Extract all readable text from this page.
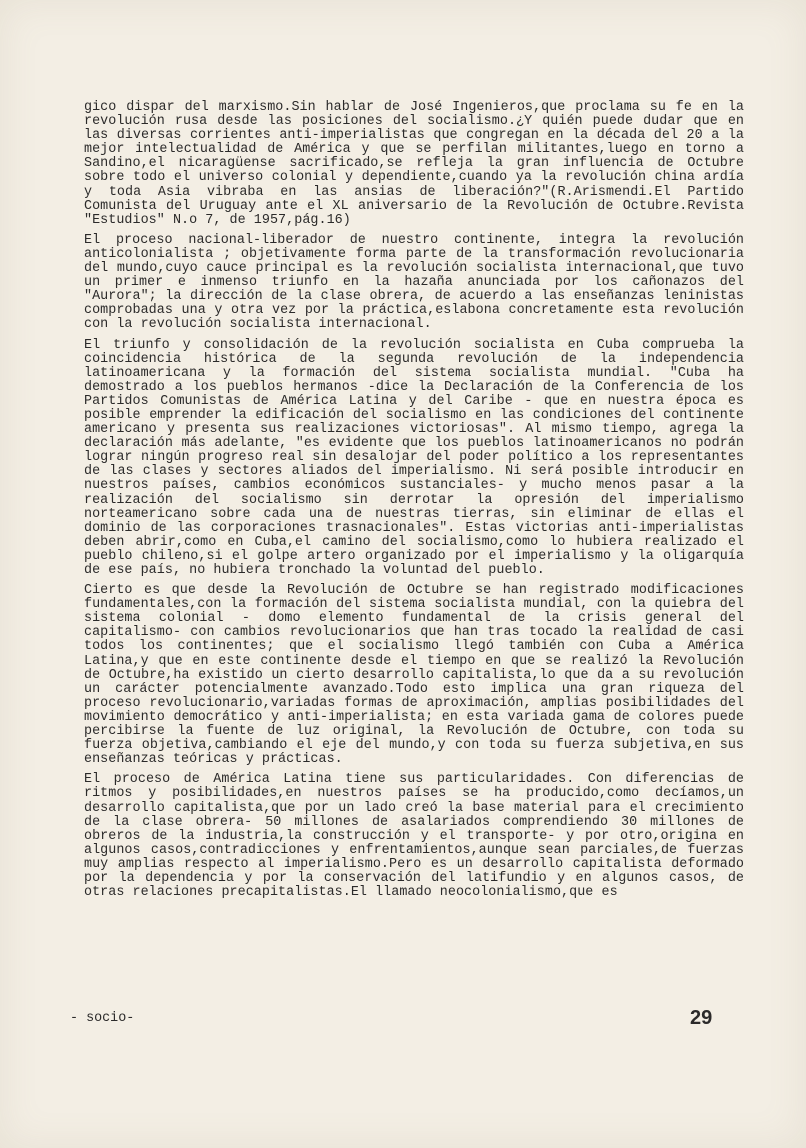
gico dispar del marxismo.Sin hablar de José Ingenieros,que proclama su fe en la revolución rusa desde las posiciones del socialismo.¿Y quién puede dudar que en las diversas corrientes anti-imperialistas que congregan en la década del 20 a la mejor intelectualidad de América y que se perfilan militantes,luego en torno a Sandino,el nicaragüense sacrificado,se refleja la gran influencia de Octubre sobre todo el universo colonial y dependiente,cuando ya la revolución china ardía y toda Asia vibraba en las ansias de liberación?"(R.Arismendi.El Partido Comunista del Uruguay ante el XL aniversario de la Revolución de Octubre.Revista "Estudios" N.o 7, de 1957,pág.16)

El proceso nacional-liberador de nuestro continente, integra la revolución anticolonialista ; objetivamente forma parte de la transformación revolucionaria del mundo,cuyo cauce principal es la revolución socialista internacional,que tuvo un primer e inmenso triunfo en la hazaña anunciada por los cañonazos del "Aurora"; la dirección de la clase obrera, de acuerdo a las enseñanzas leninistas comprobadas una y otra vez por la práctica,eslabona concretamente esta revolución con la revolución socialista internacional.

El triunfo y consolidación de la revolución socialista en Cuba comprueba la coincidencia histórica de la segunda revolución de la independencia latinoamericana y la formación del sistema socialista mundial. "Cuba ha demostrado a los pueblos hermanos -dice la Declaración de la Conferencia de los Partidos Comunistas de América Latina y del Caribe - que en nuestra época es posible emprender la edificación del socialismo en las condiciones del continente americano y presenta sus realizaciones victoriosas". Al mismo tiempo, agrega la declaración más adelante, "es evidente que los pueblos latinoamericanos no podrán lograr ningún progreso real sin desalojar del poder político a los representantes de las clases y sectores aliados del imperialismo. Ni será posible introducir en nuestros países, cambios económicos sustanciales- y mucho menos pasar a la realización del socialismo sin derrotar la opresión del imperialismo norteamericano sobre cada una de nuestras tierras, sin eliminar de ellas el dominio de las corporaciones trasnacionales". Estas victorias anti-imperialistas deben abrir,como en Cuba,el camino del socialismo,como lo hubiera realizado el pueblo chileno,si el golpe artero organizado por el imperialismo y la oligarquía de ese país, no hubiera tronchado la voluntad del pueblo.

Cierto es que desde la Revolución de Octubre se han registrado modificaciones fundamentales,con la formación del sistema socialista mundial, con la quiebra del sistema colonial - domo elemento fundamental de la crisis general del capitalismo- con cambios revolucionarios que han tras tocado la realidad de casi todos los continentes; que el socialismo llegó también con Cuba a América Latina,y que en este continente desde el tiempo en que se realizó la Revolución de Octubre,ha existido un cierto desarrollo capitalista,lo que da a su revolución un carácter potencialmente avanzado.Todo esto implica una gran riqueza del proceso revolucionario,variadas formas de aproximación, amplias posibilidades del movimiento democrático y anti-imperialista; en esta variada gama de colores puede percibirse la fuente de luz original, la Revolución de Octubre, con toda su fuerza objetiva,cambiando el eje del mundo,y con toda su fuerza subjetiva,en sus enseñanzas teóricas y prácticas.

El proceso de América Latina tiene sus particularidades. Con diferencias de ritmos y posibilidades,en nuestros países se ha producido,como decíamos,un desarrollo capitalista,que por un lado creó la base material para el crecimiento de la clase obrera- 50 millones de asalariados comprendiendo 30 millones de obreros de la industria,la construcción y el transporte- y por otro,origina en algunos casos,contradicciones y enfrentamientos,aunque sean parciales,de fuerzas muy amplias respecto al imperialismo.Pero es un desarrollo capitalista deformado por la dependencia y por la conservación del latifundio y en algunos casos, de otras relaciones precapitalistas.El llamado neocolonialismo,que es

- socio-	29
